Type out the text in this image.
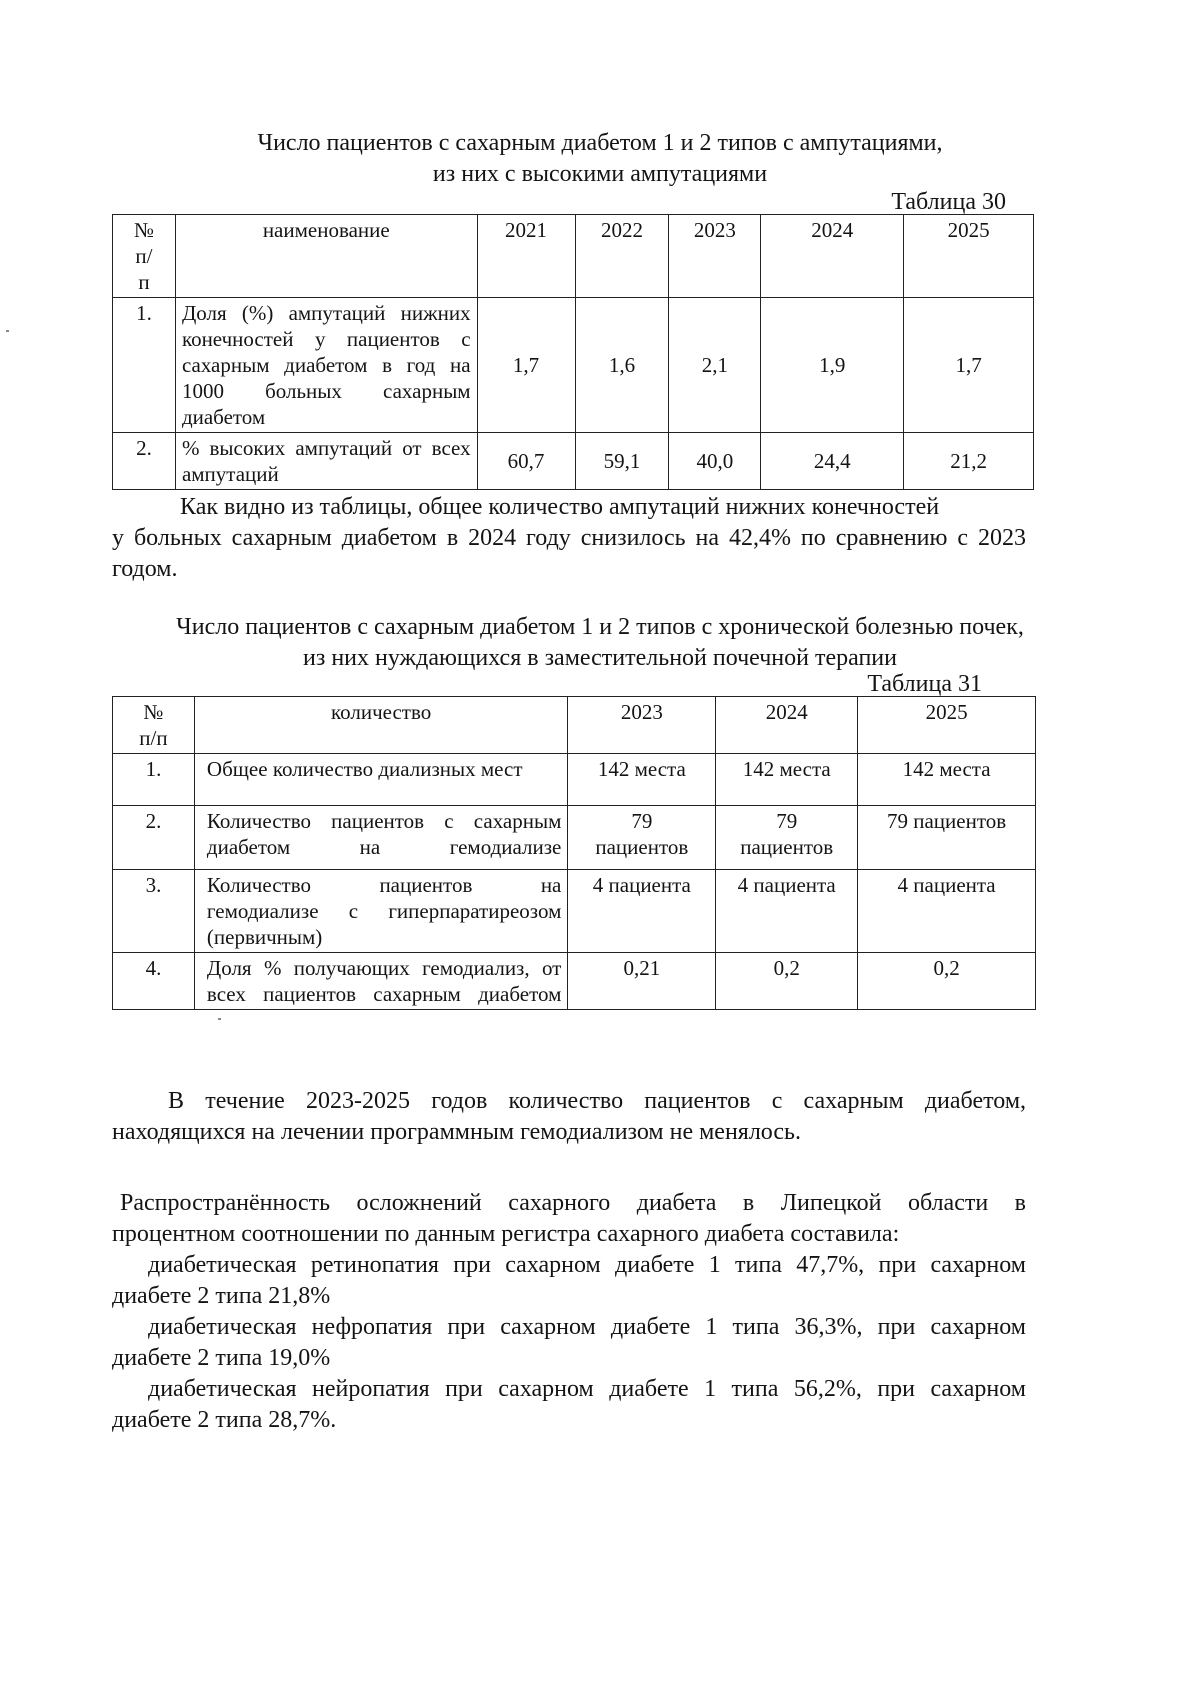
Число пациентов с сахарным диабетом 1 и 2 типов с ампутациями,
из них с высокими ампутациями
Таблица 30
№ п/ п	наименование	2021	2022	2023	2024	2025
1.	Доля (%) ампутаций нижних
конечностей у пациентов с
сахарным диабетом в год на
1000 больных сахарным
диабетом	1,7	1,6	2,1	1,9	1,7
2.	% высоких ампутаций от всех
ампутаций	60,7	59,1	40,0	24,4	21,2
Как видно из таблицы, общее количество ампутаций нижних конечностей
у больных сахарным диабетом в 2024 году снизилось на 42,4% по сравнению с 2023
годом.
Число пациентов с сахарным диабетом 1 и 2 типов с хронической болезнью почек,
из них нуждающихся в заместительной почечной терапии
Таблица 31
№ п/п	количество	2023	2024	2025
1.	Общее количество диализных мест	142 места	142 места	142 места
2.	Количество пациентов с сахарным
диабетом на гемодиализе	79 пациентов	79 пациентов	79 пациентов
3.	Количество пациентов на
гемодиализе с гиперпаратиреозом
(первичным)	4 пациента	4 пациента	4 пациента
4.	Доля % получающих гемодиализ, от
всех пациентов сахарным диабетом	0,21	0,2	0,2
В течение 2023-2025 годов количество пациентов с сахарным диабетом,
находящихся на лечении программным гемодиализом не менялось.
Распространённость осложнений сахарного диабета в Липецкой области в
процентном соотношении по данным регистра сахарного диабета составила:
диабетическая ретинопатия при сахарном диабете 1 типа 47,7%, при сахарном
диабете 2 типа 21,8%
диабетическая нефропатия при сахарном диабете 1 типа 36,3%, при сахарном
диабете 2 типа 19,0%
диабетическая нейропатия при сахарном диабете 1 типа 56,2%, при сахарном
диабете 2 типа 28,7%.
